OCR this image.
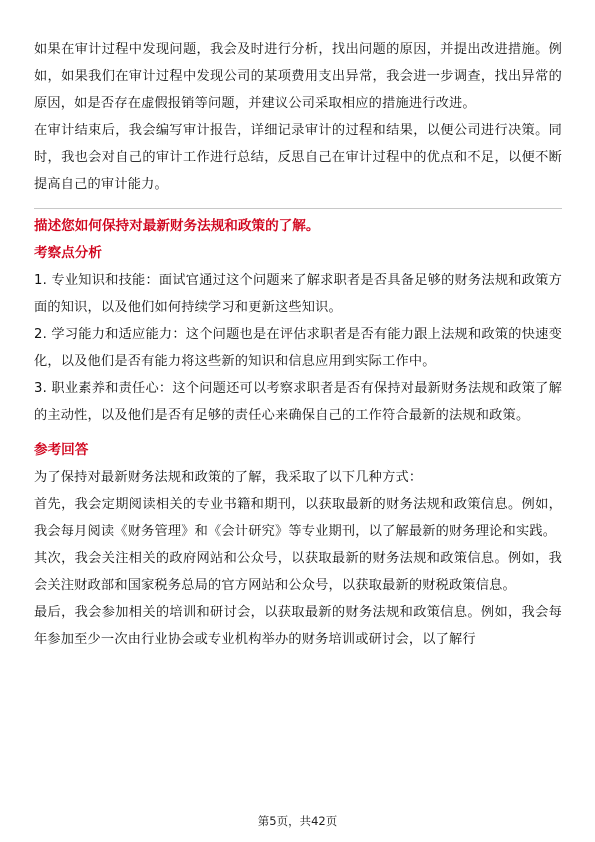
如果在审计过程中发现问题，我会及时进行分析，找出问题的原因，并提出改进措施。例如，如果我们在审计过程中发现公司的某项费用支出异常，我会进一步调查，找出异常的原因，如是否存在虚假报销等问题，并建议公司采取相应的措施进行改进。

在审计结束后，我会编写审计报告，详细记录审计的过程和结果，以便公司进行决策。同时，我也会对自己的审计工作进行总结，反思自己在审计过程中的优点和不足，以便不断提高自己的审计能力。

描述您如何保持对最新财务法规和政策的了解。

考察点分析

1. 专业知识和技能：面试官通过这个问题来了解求职者是否具备足够的财务法规和政策方面的知识，以及他们如何持续学习和更新这些知识。

2. 学习能力和适应能力：这个问题也是在评估求职者是否有能力跟上法规和政策的快速变化，以及他们是否有能力将这些新的知识和信息应用到实际工作中。

3. 职业素养和责任心：这个问题还可以考察求职者是否有保持对最新财务法规和政策了解的主动性，以及他们是否有足够的责任心来确保自己的工作符合最新的法规和政策。

参考回答

为了保持对最新财务法规和政策的了解，我采取了以下几种方式：

首先，我会定期阅读相关的专业书籍和期刊，以获取最新的财务法规和政策信息。例如，我会每月阅读《财务管理》和《会计研究》等专业期刊，以了解最新的财务理论和实践。

其次，我会关注相关的政府网站和公众号，以获取最新的财务法规和政策信息。例如，我会关注财政部和国家税务总局的官方网站和公众号，以获取最新的财税政策信息。

最后，我会参加相关的培训和研讨会，以获取最新的财务法规和政策信息。例如，我会每年参加至少一次由行业协会或专业机构举办的财务培训或研讨会，以了解行

第5页，共42页
